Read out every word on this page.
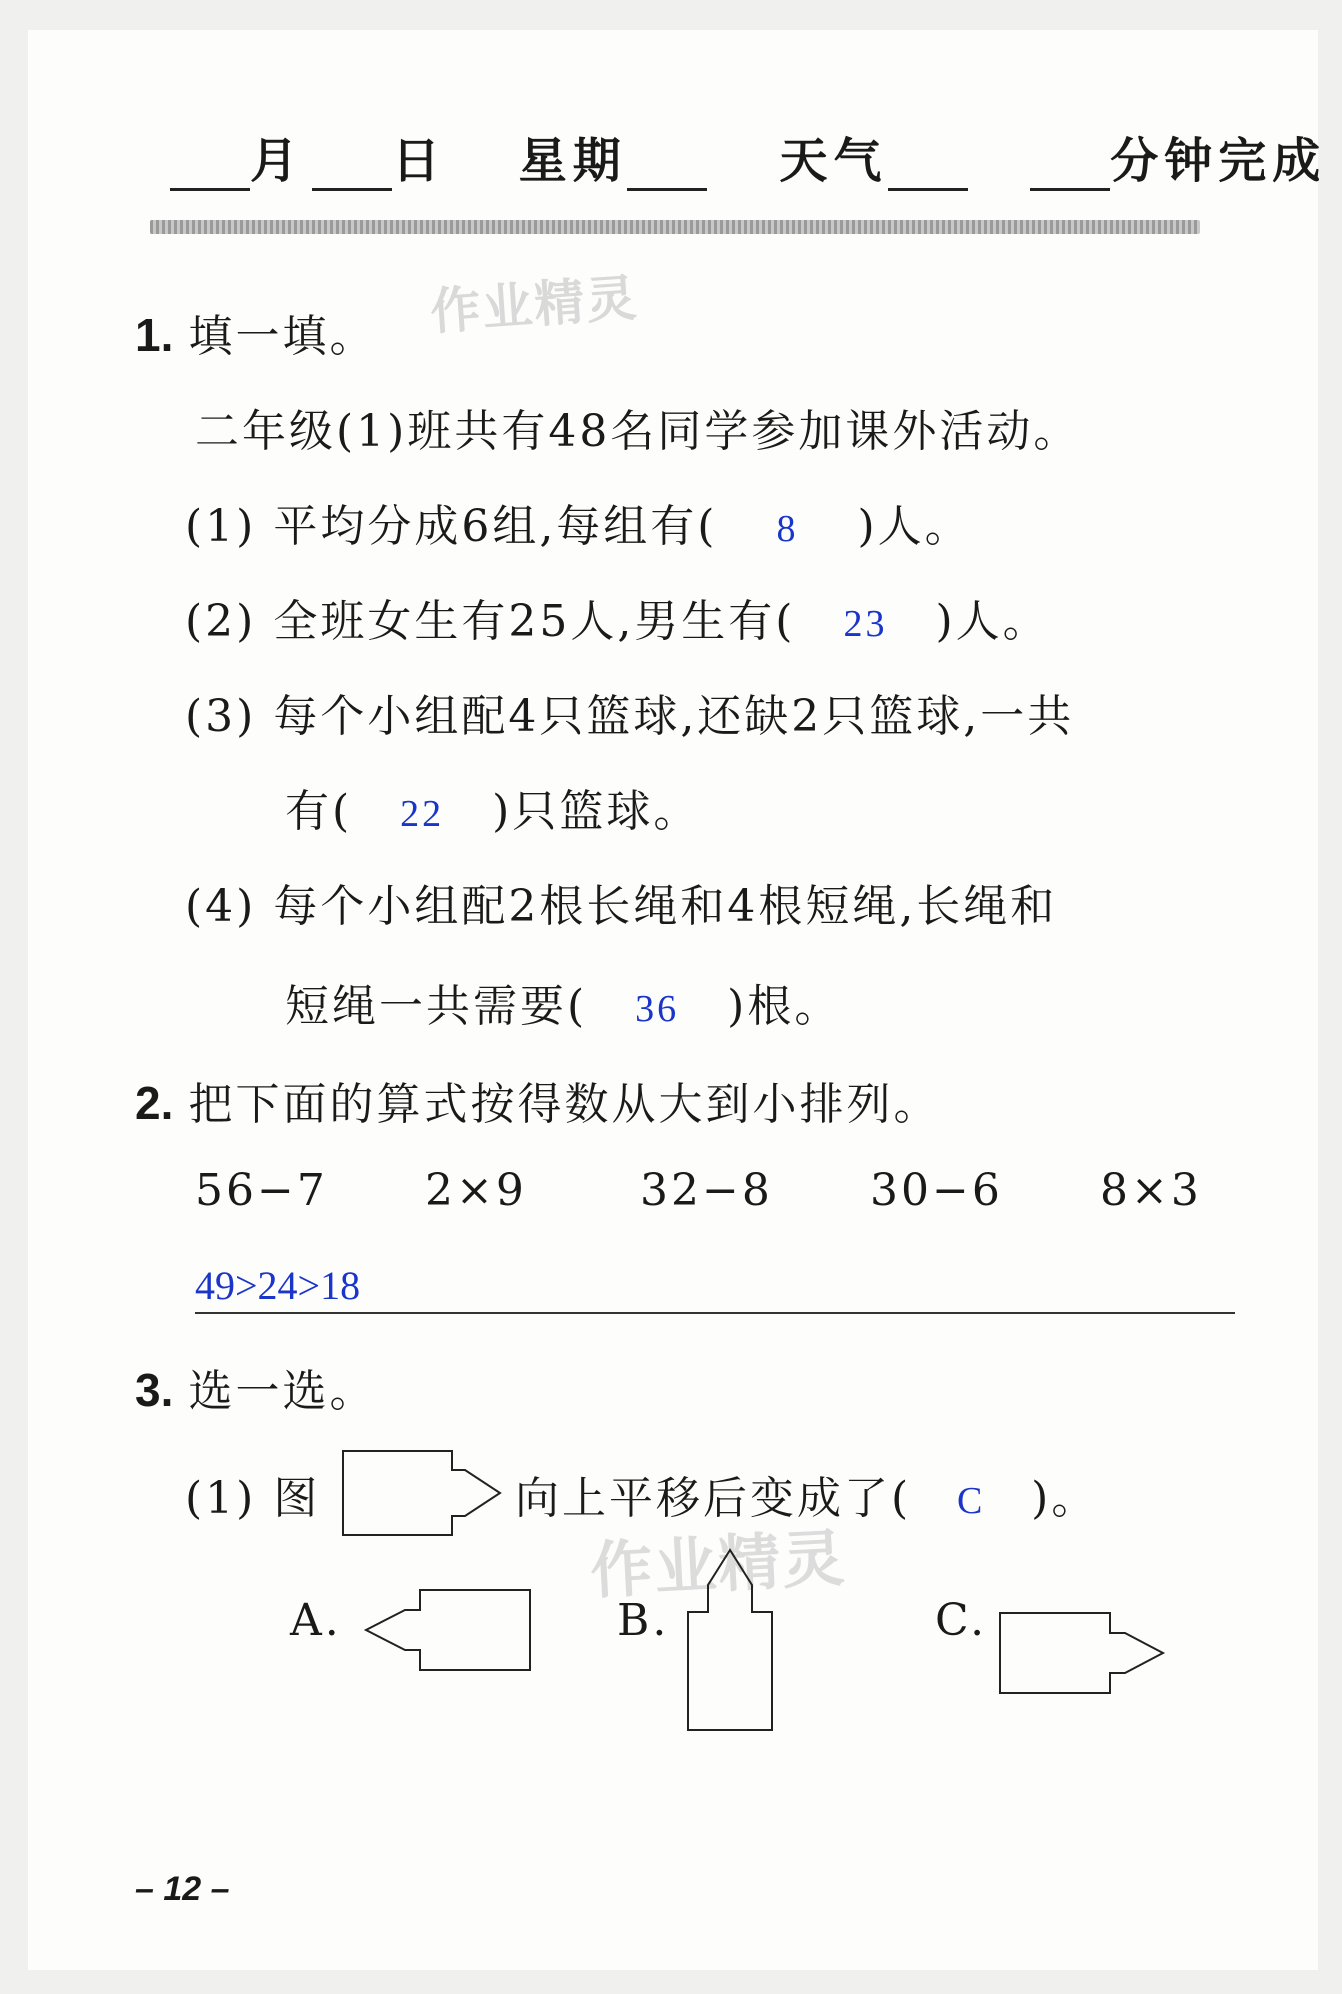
月 日 星期	天气	分钟完成
作业精灵
作业精灵
1. 填一填。
二年级(1)班共有48名同学参加课外活动。
(1) 平均分成6组,每组有( 8 )人。
(2) 全班女生有25人,男生有( 23 )人。
(3) 每个小组配4只篮球,还缺2只篮球,一共
有( 22 )只篮球。
(4) 每个小组配2根长绳和4根短绳,长绳和
短绳一共需要( 36 )根。
2. 把下面的算式按得数从大到小排列。
56−7 2×9	32−8 30−6 8×3
49>24>18
3. 选一选。
(1) 图	向上平移后变成了( C )。
A.	B.	C.
– 12 –
